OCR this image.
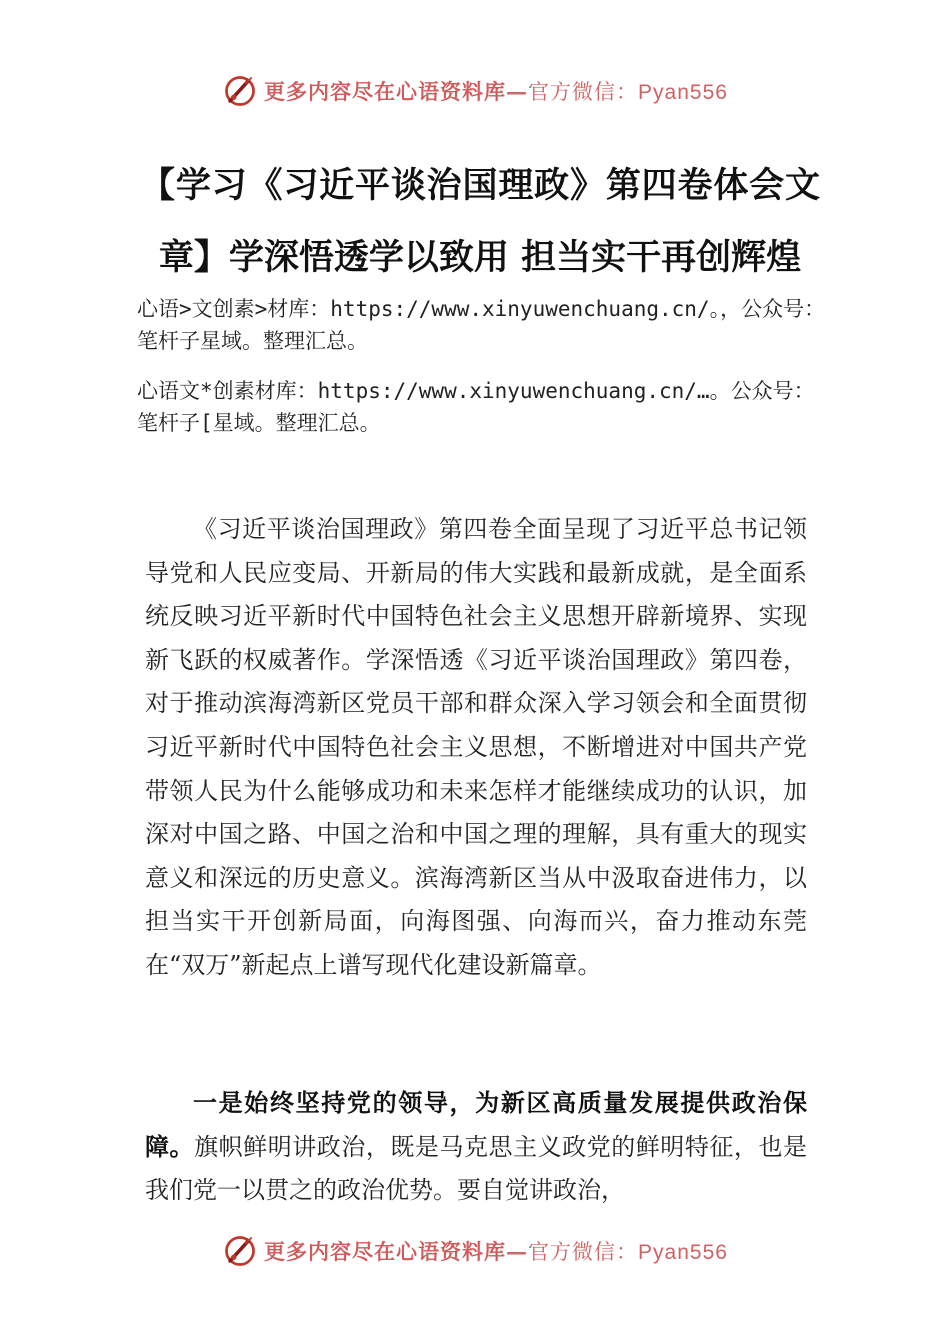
更多内容尽在心语资料库—官方微信：Pyan556
【学习《习近平谈治国理政》第四卷体会文章】学深悟透学以致用 担当实干再创辉煌
心语>文创素>材库：https://www.xinyuwenchuang.cn/。，公众号：笔杆子星域。整理汇总。
心语文*创素材库：https://www.xinyuwenchuang.cn/…。公众号：笔杆子[星域。整理汇总。

《习近平谈治国理政》第四卷全面呈现了习近平总书记领导党和人民应变局、开新局的伟大实践和最新成就，是全面系统反映习近平新时代中国特色社会主义思想开辟新境界、实现新飞跃的权威著作。学深悟透《习近平谈治国理政》第四卷，对于推动滨海湾新区党员干部和群众深入学习领会和全面贯彻习近平新时代中国特色社会主义思想，不断增进对中国共产党带领人民为什么能够成功和未来怎样才能继续成功的认识，加深对中国之路、中国之治和中国之理的理解，具有重大的现实意义和深远的历史意义。滨海湾新区当从中汲取奋进伟力，以担当实干开创新局面，向海图强、向海而兴，奋力推动东莞在“双万”新起点上谱写现代化建设新篇章。

一是始终坚持党的领导，为新区高质量发展提供政治保障。旗帜鲜明讲政治，既是马克思主义政党的鲜明特征，也是我们党一以贯之的政治优势。要自觉讲政治，

更多内容尽在心语资料库—官方微信：Pyan556
